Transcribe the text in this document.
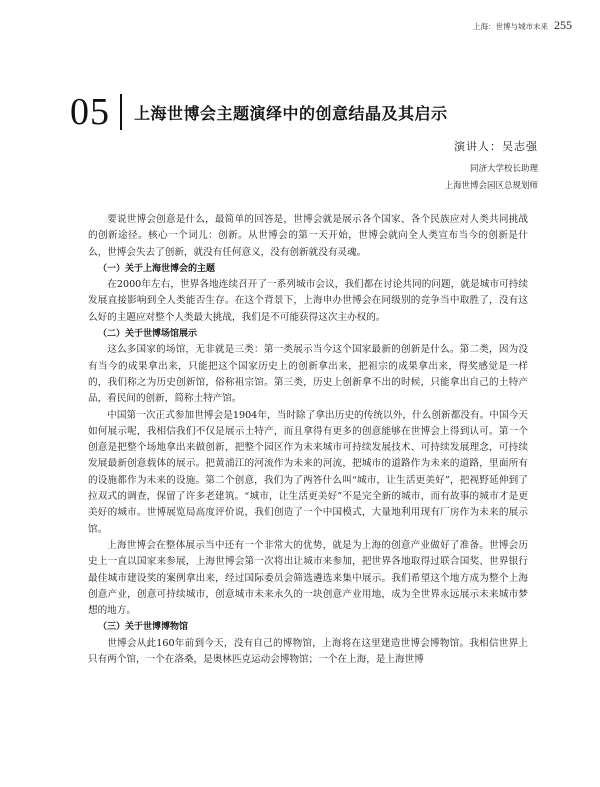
上海：世博与城市未来 255
05 上海世博会主题演绎中的创意结晶及其启示
演讲人：吴志强
同济大学校长助理
上海世博会园区总规划师

要说世博会创意是什么，最简单的回答是，世博会就是展示各个国家、各个民族应对人类共同挑战的创新途径。核心一个词儿：创新。从世博会的第一天开始，世博会就向全人类宣布当今的创新是什么，世博会失去了创新，就没有任何意义，没有创新就没有灵魂。

（一）关于上海世博会的主题

在2000年左右，世界各地连续召开了一系列城市会议，我们都在讨论共同的问题，就是城市可持续发展直接影响到全人类能否生存。在这个背景下，上海申办世博会在同级别的竞争当中取胜了，没有这么好的主题应对整个人类最大挑战，我们是不可能获得这次主办权的。

（二）关于世博场馆展示

这么多国家的场馆，无非就是三类：第一类展示当今这个国家最新的创新是什么。第二类，因为没有当今的成果拿出来，只能把这个国家历史上的创新拿出来，把祖宗的成果拿出来，得奖感觉是一样的，我们称之为历史创新馆，俗称祖宗馆。第三类，历史上创新拿不出的时候，只能拿出自己的土特产品，看民间的创新，简称土特产馆。

中国第一次正式参加世博会是1904年，当时除了拿出历史的传统以外，什么创新都没有。中国今天如何展示呢，我相信我们不仅是展示土特产，而且拿得有更多的创意能够在世博会上得到认可。第一个创意是把整个场地拿出来做创新，把整个园区作为未来城市可持续发展技术、可持续发展理念，可持续发展最新创意载体的展示。把黄浦江的河流作为未来的河流，把城市的道路作为未来的道路，里面所有的设施都作为未来的设施。第二个创意，我们为了两答什么叫“城市，让生活更美好”，把视野延伸到了拉双式的调查，保留了许多老建筑。“城市，让生活更美好”不是完全新的城市，而有故事的城市才是更美好的城市。世博展览局高度评价说，我们创造了一个中国模式，大量地利用现有厂房作为未来的展示馆。

上海世博会在整体展示当中还有一个非常大的优势，就是为上海的创意产业做好了准备。世博会历史上一直以国家来参展，上海世博会第一次将出让城市来参加，把世界各地取得过联合国奖、世界银行最佳城市建设奖的案例拿出来，经过国际委员会筛选遴选来集中展示。我们希望这个地方成为整个上海创意产业，创意可持续城市，创意城市未来永久的一块创意产业用地，成为全世界永远展示未来城市梦想的地方。

（三）关于世博博物馆

世博会从此160年前到今天，没有自己的博物馆，上海将在这里建造世博会博物馆。我相信世界上只有两个馆，一个在洛桑，是奥林匹克运动会博物馆；一个在上海，是上海世博
